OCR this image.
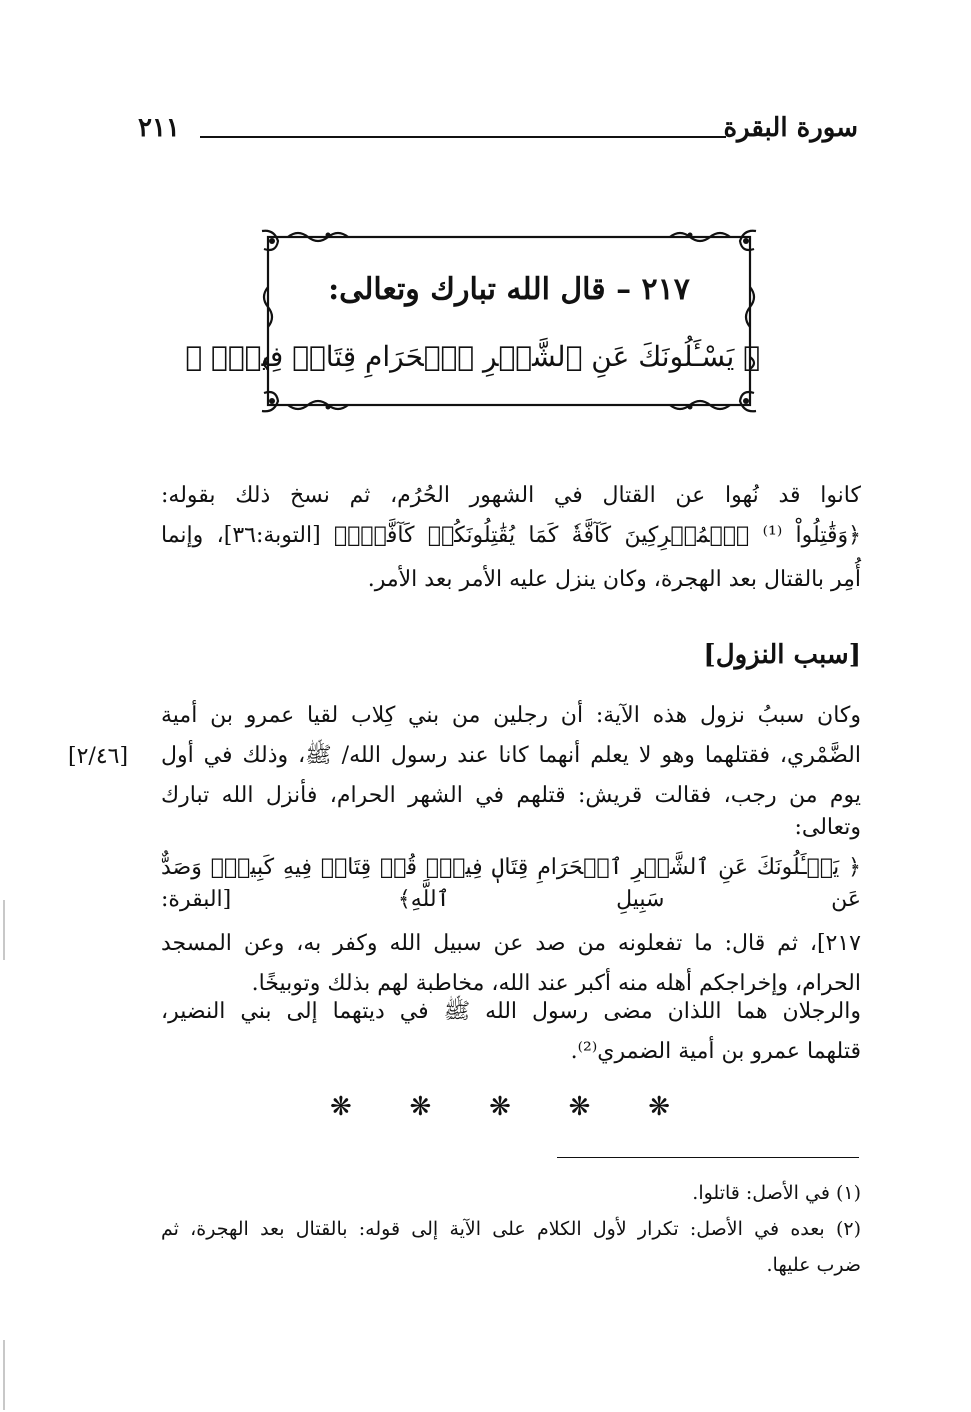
سورة البقرة
٢١١
٢١٧ – قال الله تبارك وتعالى:
﴿ يَسْـَٔلُونَكَ عَنِ ٱلشَّهۡرِ ٱلۡحَرَامِ قِتَالٖ فِيهِۖ ﴾
كانوا قد نُهوا عن القتال في الشهور الحُرُم، ثم نسخ ذلك بقوله:
﴿وَقَٰتِلُواْ ⁽¹⁾ ٱلۡمُشۡرِكِينَ كَآفَّةٗ كَمَا يُقَٰتِلُونَكُمۡ كَآفَّةٗۚ﴾ [التوبة:٣٦]، وإنما
أُمِر بالقتال بعد الهجرة، وكان ينزل عليه الأمر بعد الأمر.
[سبب النزول]
[٢/٤٦]
وكان سببُ نزول هذه الآية: أن رجلين من بني كِلاب لقيا عمرو بن أمية
الضَّمْري، فقتلهما وهو لا يعلم أنهما كانا عند رسول الله/ ﷺ، وذلك في أول
يوم من رجب، فقالت قريش: قتلهم في الشهر الحرام، فأنزل الله تبارك وتعالى:
﴿ يَسۡـَٔلُونَكَ عَنِ ٱلشَّهۡرِ ٱلۡحَرَامِ قِتَالٖ فِيهِۖ قُلۡ قِتَالٞ فِيهِ كَبِيرٞۚ وَصَدٌّ عَن سَبِيلِ ٱللَّهِ﴾ [البقرة:
٢١٧]، ثم قال: ما تفعلونه من صد عن سبيل الله وكفر به، وعن المسجد
الحرام، وإخراجكم أهله منه أكبر عند الله، مخاطبة لهم بذلك وتوبيخًا.
والرجلان هما اللذان مضى رسول الله ﷺ في ديتهما إلى بني النضير،
قتلهما عمرو بن أمية الضمري⁽²⁾.
❋ ❋ ❋ ❋ ❋
(١) في الأصل: قاتلوا.
(٢) بعده في الأصل: تكرار لأول الكلام على الآية إلى قوله: بالقتال بعد الهجرة، ثم
ضرب عليها.
